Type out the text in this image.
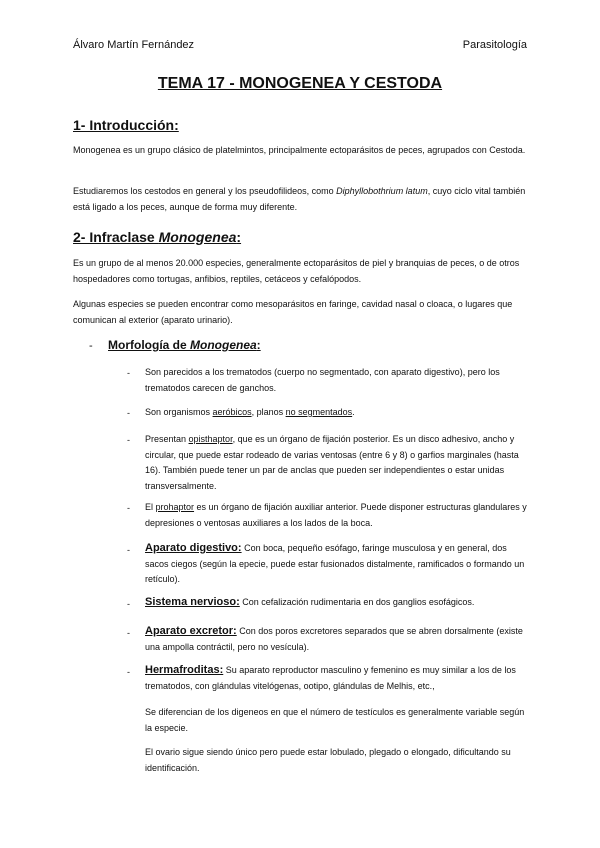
Álvaro Martín Fernández	Parasitología
TEMA 17 - MONOGENEA Y CESTODA
1- Introducción:
Monogenea es un grupo clásico de platelmintos, principalmente ectoparásitos de peces, agrupados con Cestoda.
Estudiaremos los cestodos en general y los pseudofilideos, como Diphyllobothrium latum, cuyo ciclo vital también está ligado a los peces, aunque de forma muy diferente.
2- Infraclase Monogenea:
Es un grupo de al menos 20.000 especies, generalmente ectoparásitos de piel y branquias de peces, o de otros hospedadores como tortugas, anfibios, reptiles, cetáceos y cefalópodos.
Algunas especies se pueden encontrar como mesoparásitos en faringe, cavidad nasal o cloaca, o lugares que comunican al exterior (aparato urinario).
- Morfología de Monogenea:
- Son parecidos a los trematodos (cuerpo no segmentado, con aparato digestivo), pero los trematodos carecen de ganchos.
- Son organismos aeróbicos, planos no segmentados.
- Presentan opisthaptor, que es un órgano de fijación posterior. Es un disco adhesivo, ancho y circular, que puede estar rodeado de varias ventosas (entre 6 y 8) o garfios marginales (hasta 16). También puede tener un par de anclas que pueden ser independientes o estar unidas transversalmente.
- El prohaptor es un órgano de fijación auxiliar anterior. Puede disponer estructuras glandulares y depresiones o ventosas auxiliares a los lados de la boca.
- Aparato digestivo: Con boca, pequeño esófago, faringe musculosa y en general, dos sacos ciegos (según la epecie, puede estar fusionados distalmente, ramificados o formando un retículo).
- Sistema nervioso: Con cefalización rudimentaria en dos ganglios esofágicos.
- Aparato excretor: Con dos poros excretores separados que se abren dorsalmente (existe una ampolla contráctil, pero no vesícula).
- Hermafroditas: Su aparato reproductor masculino y femenino es muy similar a los de los trematodos, con glándulas vitelógenas, ootipo, glándulas de Melhis, etc.,
Se diferencian de los digeneos en que el número de testículos es generalmente variable según la especie.
El ovario sigue siendo único pero puede estar lobulado, plegado o elongado, dificultando su identificación.
